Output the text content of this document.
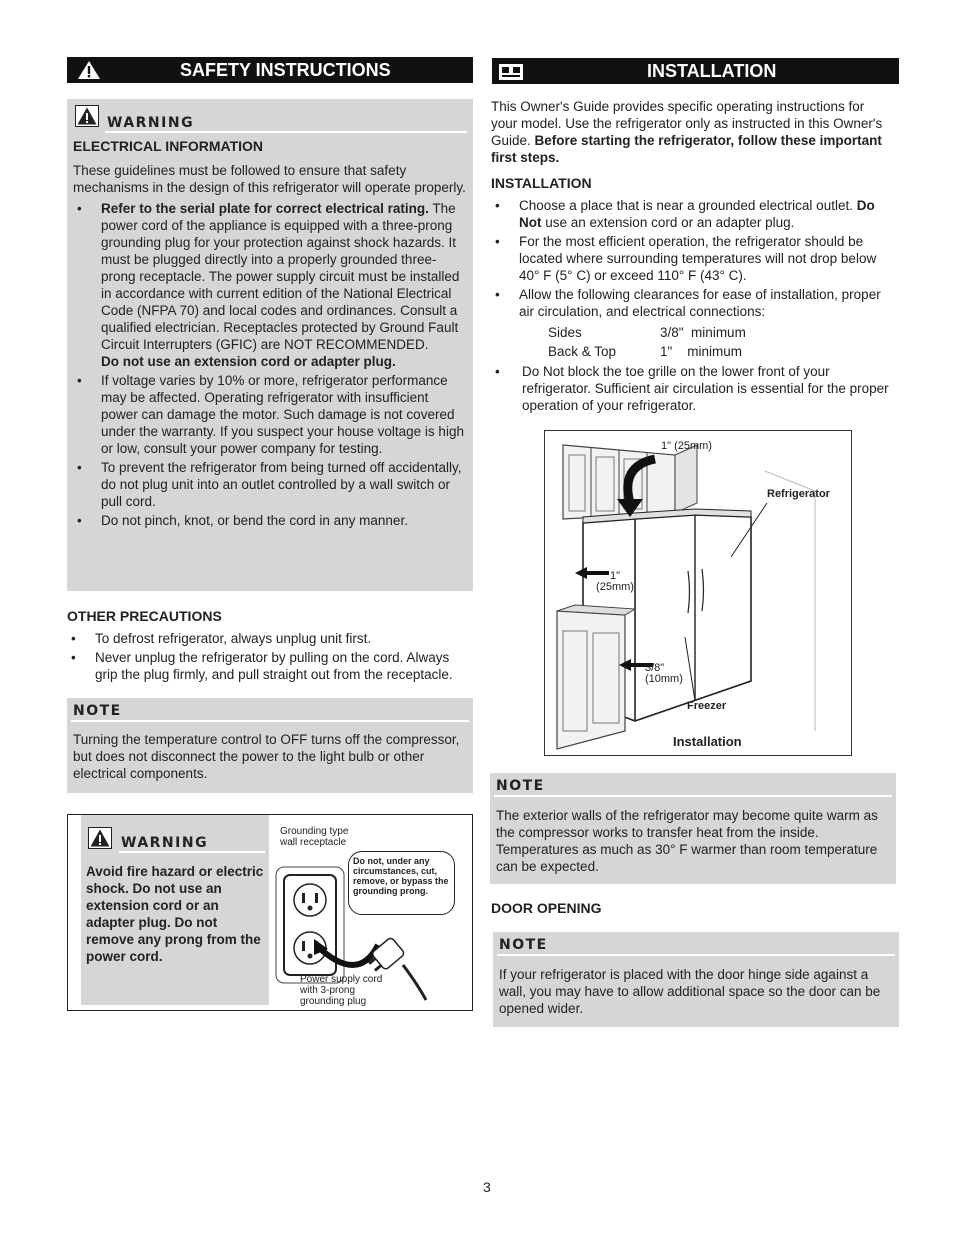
SAFETY INSTRUCTIONS
WARNING
ELECTRICAL INFORMATION

These guidelines must be followed to ensure that safety mechanisms in the design of this refrigerator will operate properly.

• Refer to the serial plate for correct electrical rating. The power cord of the appliance is equipped with a three-prong grounding plug for your protection against shock hazards. It must be plugged directly into a properly grounded three-prong receptacle. The power supply circuit must be installed in accordance with current edition of the National Electrical Code (NFPA 70) and local codes and ordinances. Consult a qualified electrician. Receptacles protected by Ground Fault Circuit Interrupters (GFIC) are NOT RECOMMENDED.
Do not use an extension cord or adapter plug.
• If voltage varies by 10% or more, refrigerator performance may be affected. Operating refrigerator with insufficient power can damage the motor. Such damage is not covered under the warranty. If you suspect your house voltage is high or low, consult your power company for testing.
• To prevent the refrigerator from being turned off accidentally, do not plug unit into an outlet controlled by a wall switch or pull cord.
• Do not pinch, knot, or bend the cord in any manner.
OTHER PRECAUTIONS
• To defrost refrigerator, always unplug unit first.
• Never unplug the refrigerator by pulling on the cord. Always grip the plug firmly, and pull straight out from the receptacle.
NOTE

Turning the temperature control to OFF turns off the compressor, but does not disconnect the power to the light bulb or other electrical components.

WARNING

Avoid fire hazard or electric shock. Do not use an extension cord or an adapter plug. Do not remove any prong from the power cord.

Grounding type wall receptacle
Do not, under any circumstances, cut, remove, or bypass the grounding prong.
Power supply cord with 3-prong grounding plug
INSTALLATION

This Owner's Guide provides specific operating instructions for your model. Use the refrigerator only as instructed in this Owner's Guide. Before starting the refrigerator, follow these important first steps.

INSTALLATION
• Choose a place that is near a grounded electrical outlet. Do Not use an extension cord or an adapter plug.
• For the most efficient operation, the refrigerator should be located where surrounding temperatures will not drop below 40° F (5° C) or exceed 110° F (43° C).
• Allow the following clearances for ease of installation, proper air circulation, and electrical connections:
Sides	3/8"  minimum
Back & Top	1"    minimum
• Do Not block the toe grille on the lower front of your refrigerator. Sufficient air circulation is essential for the proper operation of your refrigerator.
1" (25mm)
Refrigerator
1"
(25mm)
3/8"
(10mm)
Freezer
Installation
NOTE

The exterior walls of the refrigerator may become quite warm as the compressor works to transfer heat from the inside. Temperatures as much as 30° F warmer than room temperature can be expected.

DOOR OPENING
NOTE

If your refrigerator is placed with the door hinge side against a wall, you may have to allow additional space so the door can be opened wider.

3
